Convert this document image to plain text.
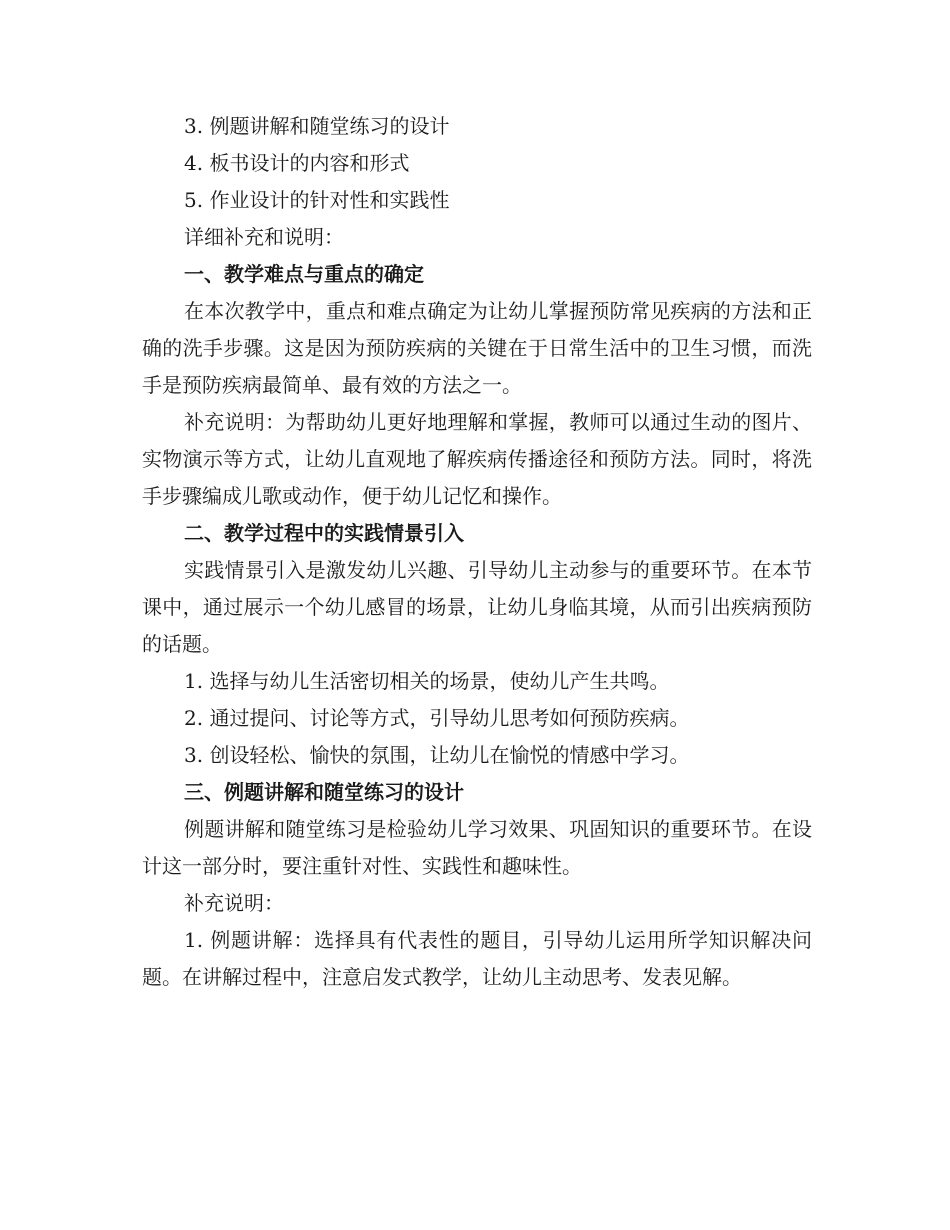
3. 例题讲解和随堂练习的设计

4. 板书设计的内容和形式

5. 作业设计的针对性和实践性

详细补充和说明：

一、教学难点与重点的确定

在本次教学中，重点和难点确定为让幼儿掌握预防常见疾病的方法和正确的洗手步骤。这是因为预防疾病的关键在于日常生活中的卫生习惯，而洗手是预防疾病最简单、最有效的方法之一。

补充说明：为帮助幼儿更好地理解和掌握，教师可以通过生动的图片、实物演示等方式，让幼儿直观地了解疾病传播途径和预防方法。同时，将洗手步骤编成儿歌或动作，便于幼儿记忆和操作。

二、教学过程中的实践情景引入

实践情景引入是激发幼儿兴趣、引导幼儿主动参与的重要环节。在本节课中，通过展示一个幼儿感冒的场景，让幼儿身临其境，从而引出疾病预防的话题。

1. 选择与幼儿生活密切相关的场景，使幼儿产生共鸣。

2. 通过提问、讨论等方式，引导幼儿思考如何预防疾病。

3. 创设轻松、愉快的氛围，让幼儿在愉悦的情感中学习。

三、例题讲解和随堂练习的设计

例题讲解和随堂练习是检验幼儿学习效果、巩固知识的重要环节。在设计这一部分时，要注重针对性、实践性和趣味性。

补充说明：

1. 例题讲解：选择具有代表性的题目，引导幼儿运用所学知识解决问题。在讲解过程中，注意启发式教学，让幼儿主动思考、发表见解。
